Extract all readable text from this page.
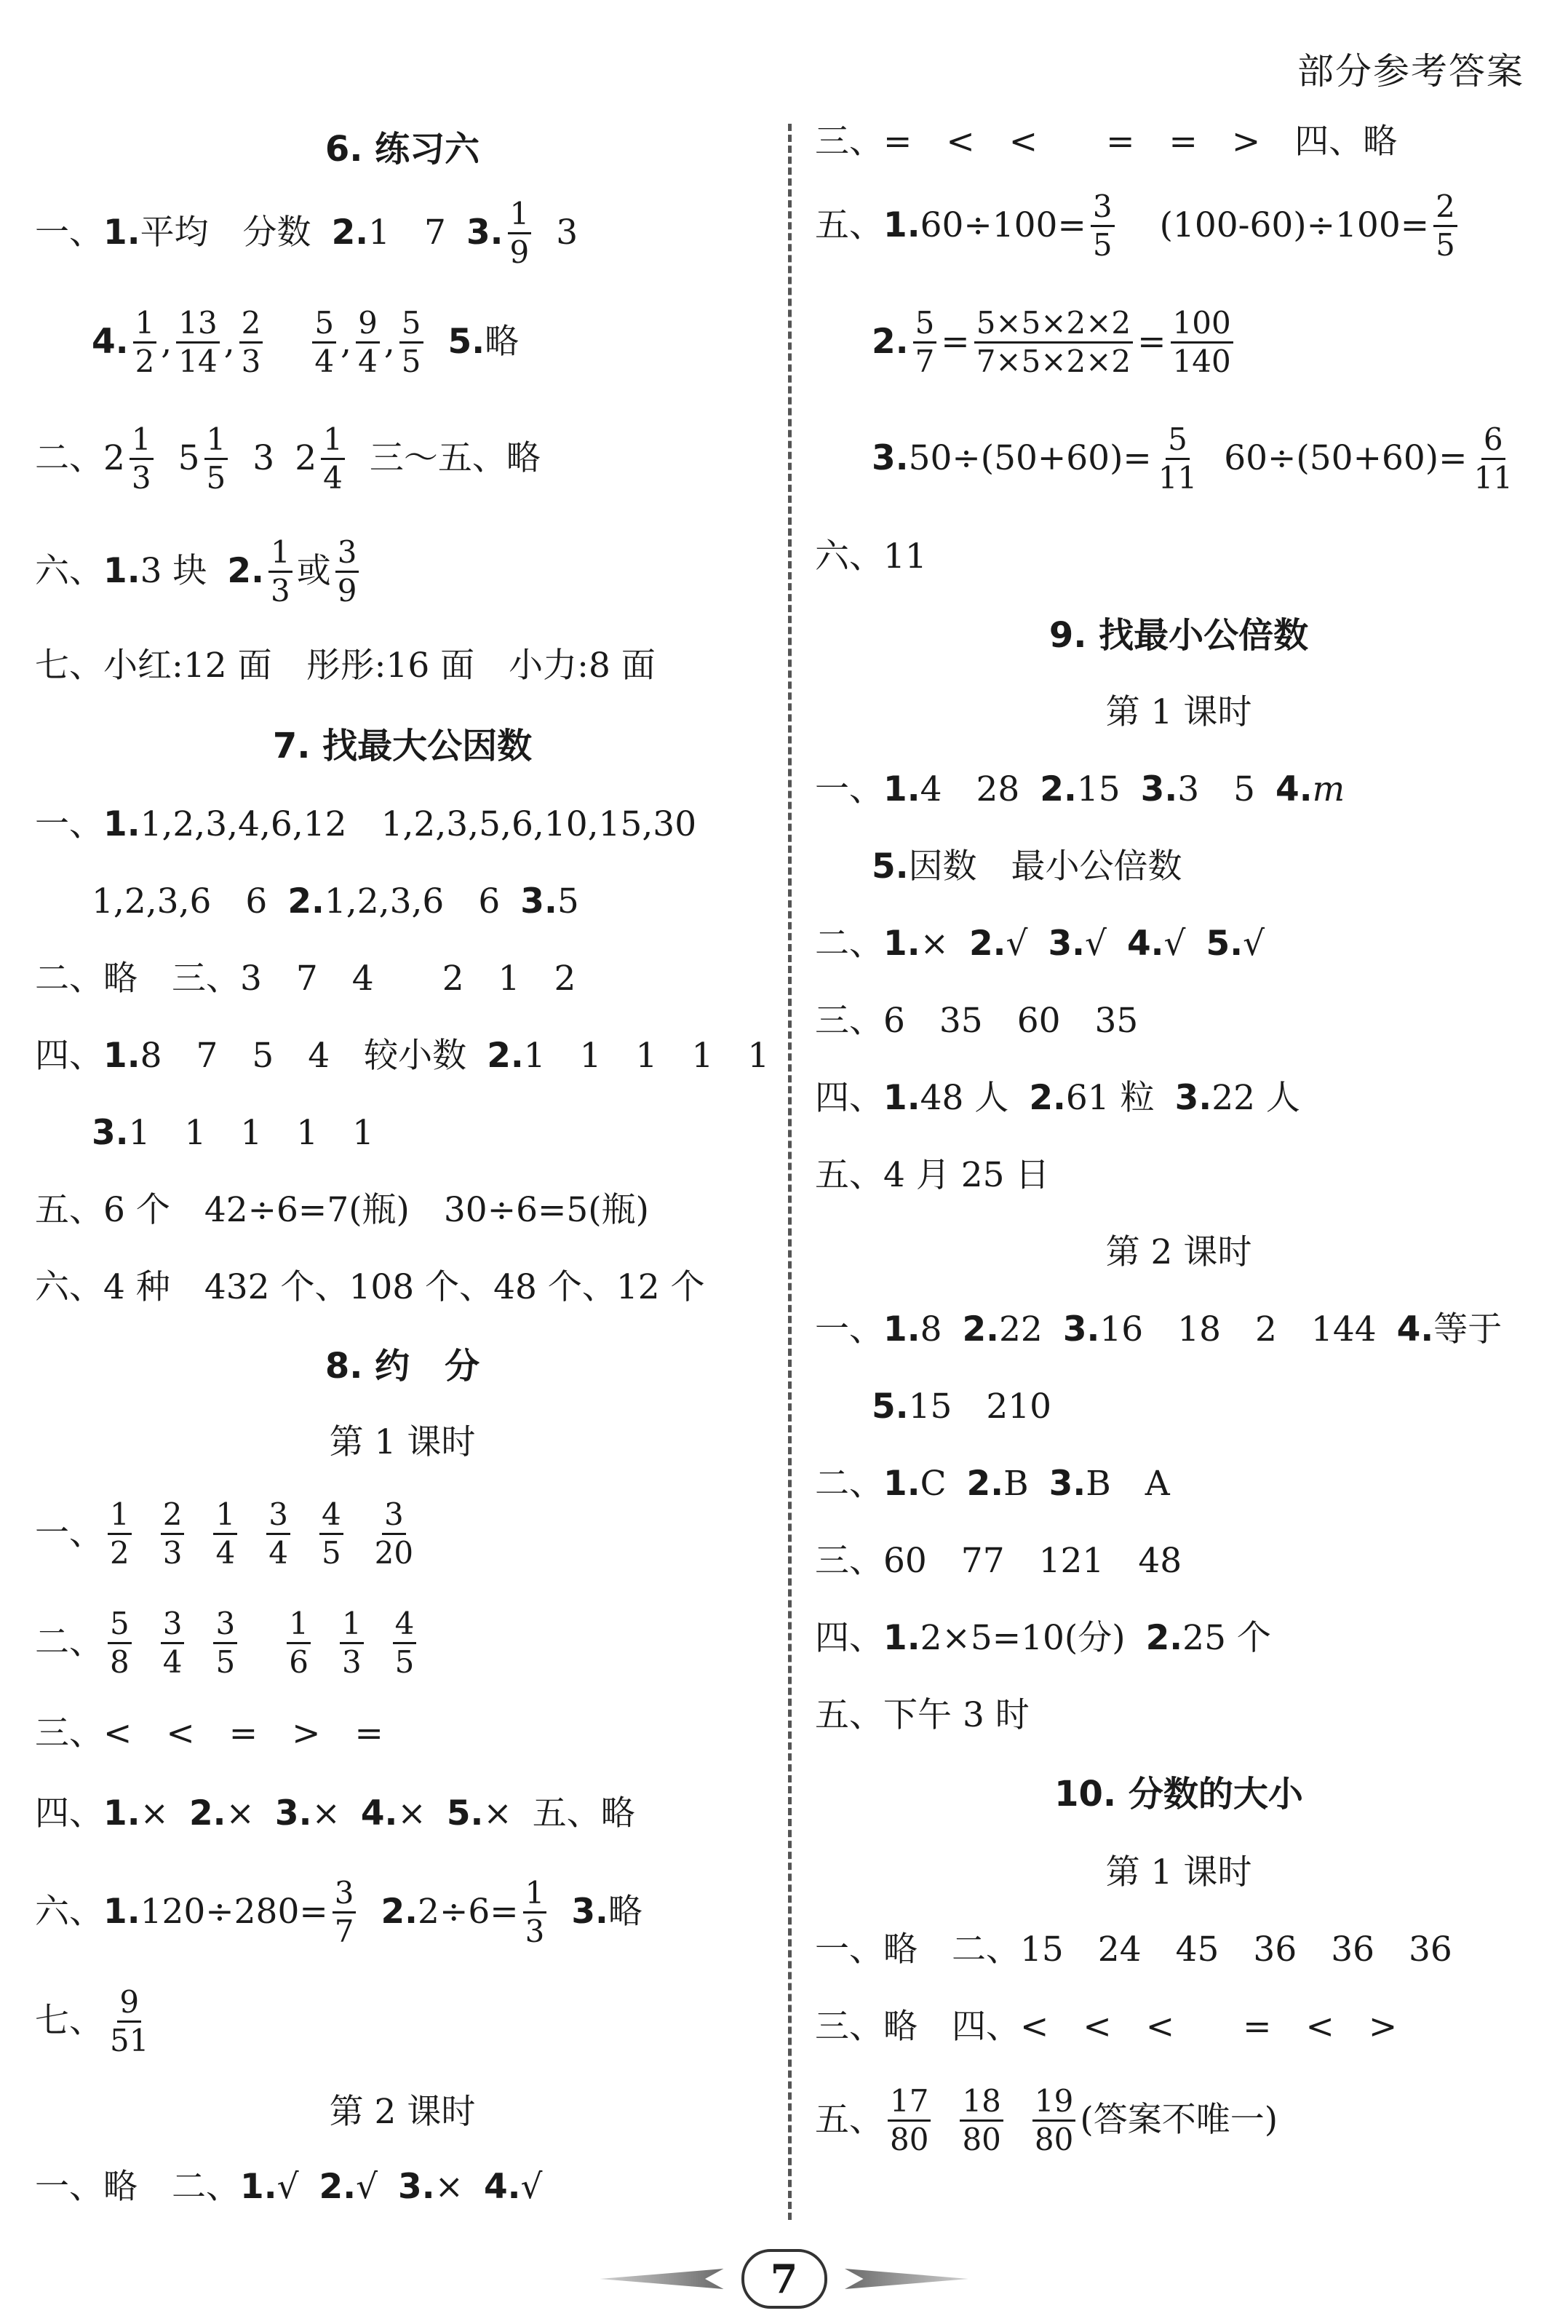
部分参考答案
6. 练习六
一、 1. 平均　分数 2. 1　7 3. $\frac{1}{9} 3$
4. $\frac{1}{2}$ , $\frac{13}{14}$ , $\frac{2}{3} \frac{5}{4}$ , $\frac{9}{4}$ , $\frac{5}{5} 5$. 略
二、 $2 \frac{1}{3} 5 \frac{1}{5} 3$ $2 \frac{1}{4}$ 三～五、略
六、 1. 3 块 2. $\frac{1}{3}$ 或 $\frac{3}{9}$
七、小红:12 面　彤彤:16 面　小力:8 面
7. 找最大公因数
一、 1. 1,2,3,4,6,12　1,2,3,5,6,10,15,30
1,2,3,6　6 2. 1,2,3,6　6 3. 5
二、略　三、3　7　4　　2　1　2
四、 1. 8　7　5　4　较小数 2. 1　1　1　1　1
3. 1　1　1　1　1
五、6 个　42÷6=7(瓶)　30÷6=5(瓶)
六、4 种　432 个、108 个、48 个、12 个
8. 约　分
第 1 课时
一、 $\frac{1}{2} \frac{2}{3} \frac{1}{4} \frac{3}{4} \frac{4}{5} \frac{3}{20}$
二、 $\frac{5}{8} \frac{3}{4} \frac{3}{5} \frac{1}{6} \frac{1}{3} \frac{4}{5}$
三、<　<　=　>　=
四、 1. × 2. × 3. × 4. × 5. × 五、略
六、 1. $120\div 280= \frac{3}{7} 2$. $2\div 6= \frac{1}{3} 3$. 略
七、 $\frac{9}{51}$
第 2 课时
一、略　二、 1. √ 2. √ 3. × 4. √
三、=　<　<　　=　=　>　四、略
五、 1. $60\div 100= \frac{3}{5} (100-60)\div 100= \frac{2}{5}$
2. $\frac{5}{7} = \frac{5\times 5\times 2\times 2}{7\times 5\times 2\times 2} = \frac{100}{140}$
3. $50\div(50+60)= \frac{5}{11} 60\div(50+60)= \frac{6}{11}$
六、11
9. 找最小公倍数
第 1 课时
一、 1. 4　28 2. 15 3. 3　5 4. m
5. 因数　最小公倍数
二、 1. × 2. √ 3. √ 4. √ 5. √
三、6　35　60　35
四、 1. 48 人 2. 61 粒 3. 22 人
五、4 月 25 日
第 2 课时
一、 1. 8 2. 22 3. 16　18　2　144 4. 等于
5. 15　210
二、 1. C 2. B 3. B　A
三、60　77　121　48
四、 1. 2×5=10(分) 2. 25 个
五、下午 3 时
10. 分数的大小
第 1 课时
一、略　二、15　24　45　36　36　36
三、略　四、<　<　<　　=　<　>
五、 $\frac{17}{80} \frac{18}{80} \frac{19}{80}$ (答案不唯一)
7
